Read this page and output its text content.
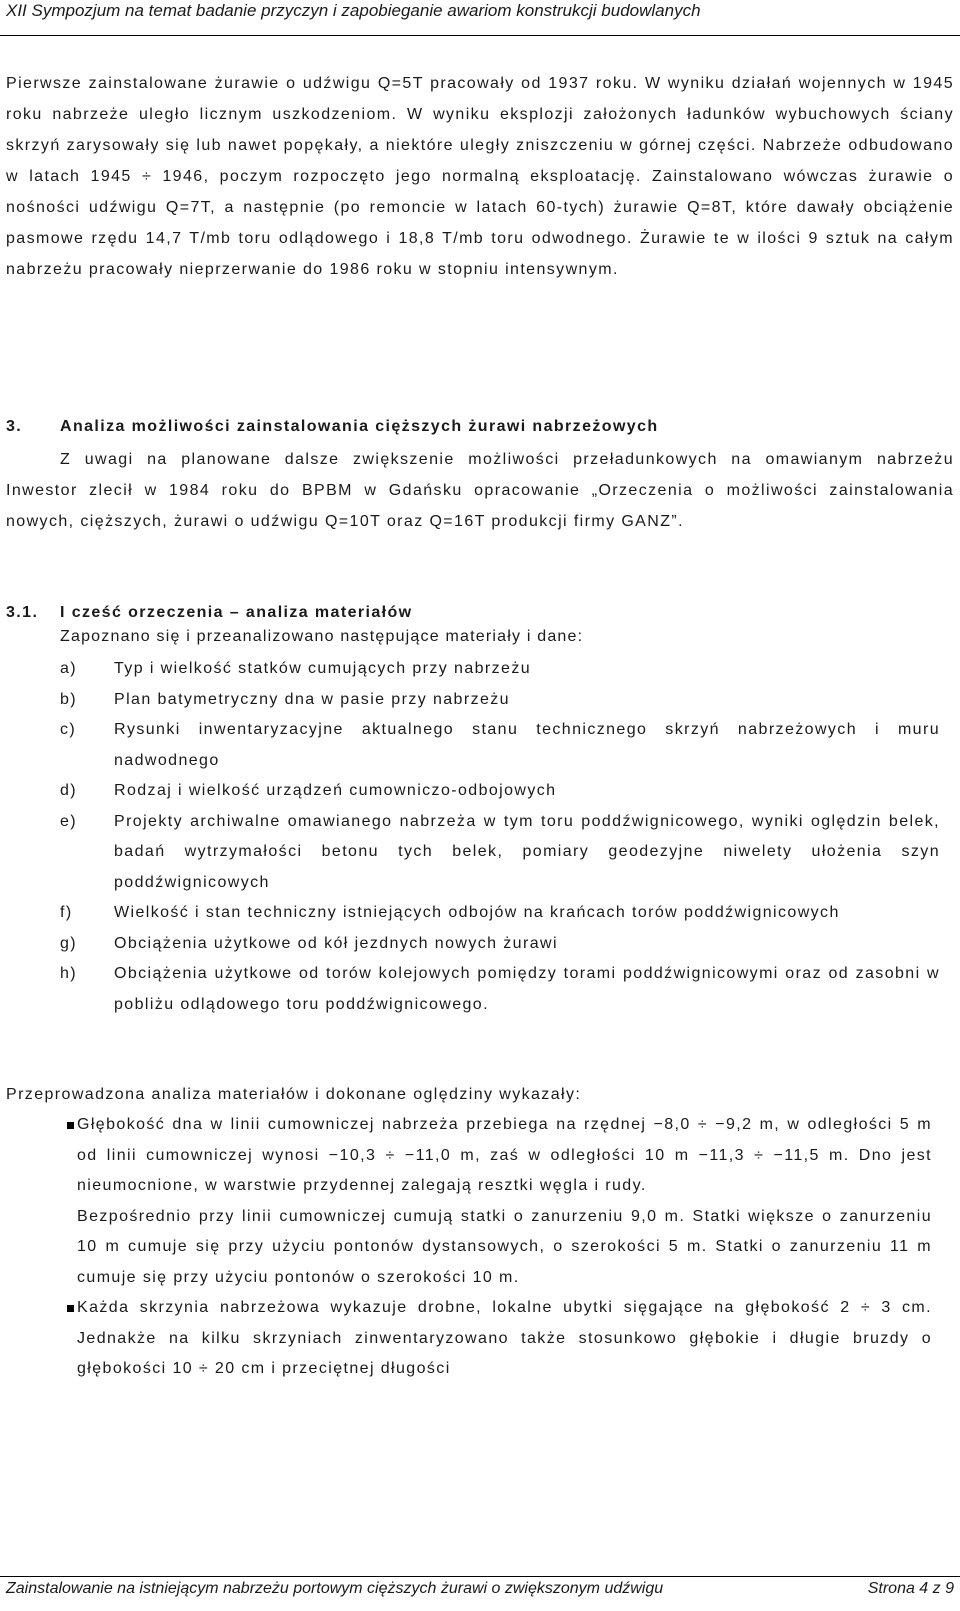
XII Sympozjum na temat badanie przyczyn i zapobieganie awariom konstrukcji budowlanych

Pierwsze zainstalowane żurawie o udźwigu Q=5T pracowały od 1937 roku. W wyniku działań wojennych w 1945 roku nabrzeże uległo licznym uszkodzeniom. W wyniku eksplozji założonych ładunków wybuchowych ściany skrzyń zarysowały się lub nawet popękały, a niektóre uległy zniszczeniu w górnej części. Nabrzeże odbudowano w latach 1945 ÷ 1946, poczym rozpoczęto jego normalną eksploatację. Zainstalowano wówczas żurawie o nośności udźwigu Q=7T, a następnie (po remoncie w latach 60-tych) żurawie Q=8T, które dawały obciążenie pasmowe rzędu 14,7 T/mb toru odlądowego i 18,8 T/mb toru odwodnego. Żurawie te w ilości 9 sztuk na całym nabrzeżu pracowały nieprzerwanie do 1986 roku w stopniu intensywnym.

3. Analiza możliwości zainstalowania cięższych żurawi nabrzeżowych

Z uwagi na planowane dalsze zwiększenie możliwości przeładunkowych na omawianym nabrzeżu Inwestor zlecił w 1984 roku do BPBM w Gdańsku opracowanie „Orzeczenia o możliwości zainstalowania nowych, cięższych, żurawi o udźwigu Q=10T oraz Q=16T produkcji firmy GANZ”.

3.1. I cześć orzeczenia – analiza materiałów
Zapoznano się i przeanalizowano następujące materiały i dane:
a) Typ i wielkość statków cumujących przy nabrzeżu
b) Plan batymetryczny dna w pasie przy nabrzeżu
c) Rysunki inwentaryzacyjne aktualnego stanu technicznego skrzyń nabrzeżowych i muru nadwodnego
d) Rodzaj i wielkość urządzeń cumowniczo-odbojowych
e) Projekty archiwalne omawianego nabrzeża w tym toru poddźwignicowego, wyniki oględzin belek, badań wytrzymałości betonu tych belek, pomiary geodezyjne niwelety ułożenia szyn poddźwignicowych
f)	Wielkość i stan techniczny istniejących odbojów na krańcach torów poddźwignicowych
g) Obciążenia użytkowe od kół jezdnych nowych żurawi
h) Obciążenia użytkowe od torów kolejowych pomiędzy torami poddźwignicowymi oraz od zasobni w pobliżu odlądowego toru poddźwignicowego.
Przeprowadzona analiza materiałów i dokonane oględziny wykazały:

Głębokość dna w linii cumowniczej nabrzeża przebiega na rzędnej −8,0 ÷ −9,2 m, w odległości 5 m od linii cumowniczej wynosi −10,3 ÷ −11,0 m, zaś w odległości 10 m −11,3 ÷ −11,5 m. Dno jest nieumocnione, w warstwie przydennej zalegają resztki węgla i rudy.

Bezpośrednio przy linii cumowniczej cumują statki o zanurzeniu 9,0 m. Statki większe o zanurzeniu 10 m cumuje się przy użyciu pontonów dystansowych, o szerokości 5 m. Statki o zanurzeniu 11 m cumuje się przy użyciu pontonów o szerokości 10 m.

Każda skrzynia nabrzeżowa wykazuje drobne, lokalne ubytki sięgające na głębokość 2 ÷ 3 cm. Jednakże na kilku skrzyniach zinwentaryzowano także stosunkowo głębokie i długie bruzdy o głębokości 10 ÷ 20 cm i przeciętnej długości

Zainstalowanie na istniejącym nabrzeżu portowym cięższych żurawi o zwiększonym udźwigu	Strona 4 z 9
